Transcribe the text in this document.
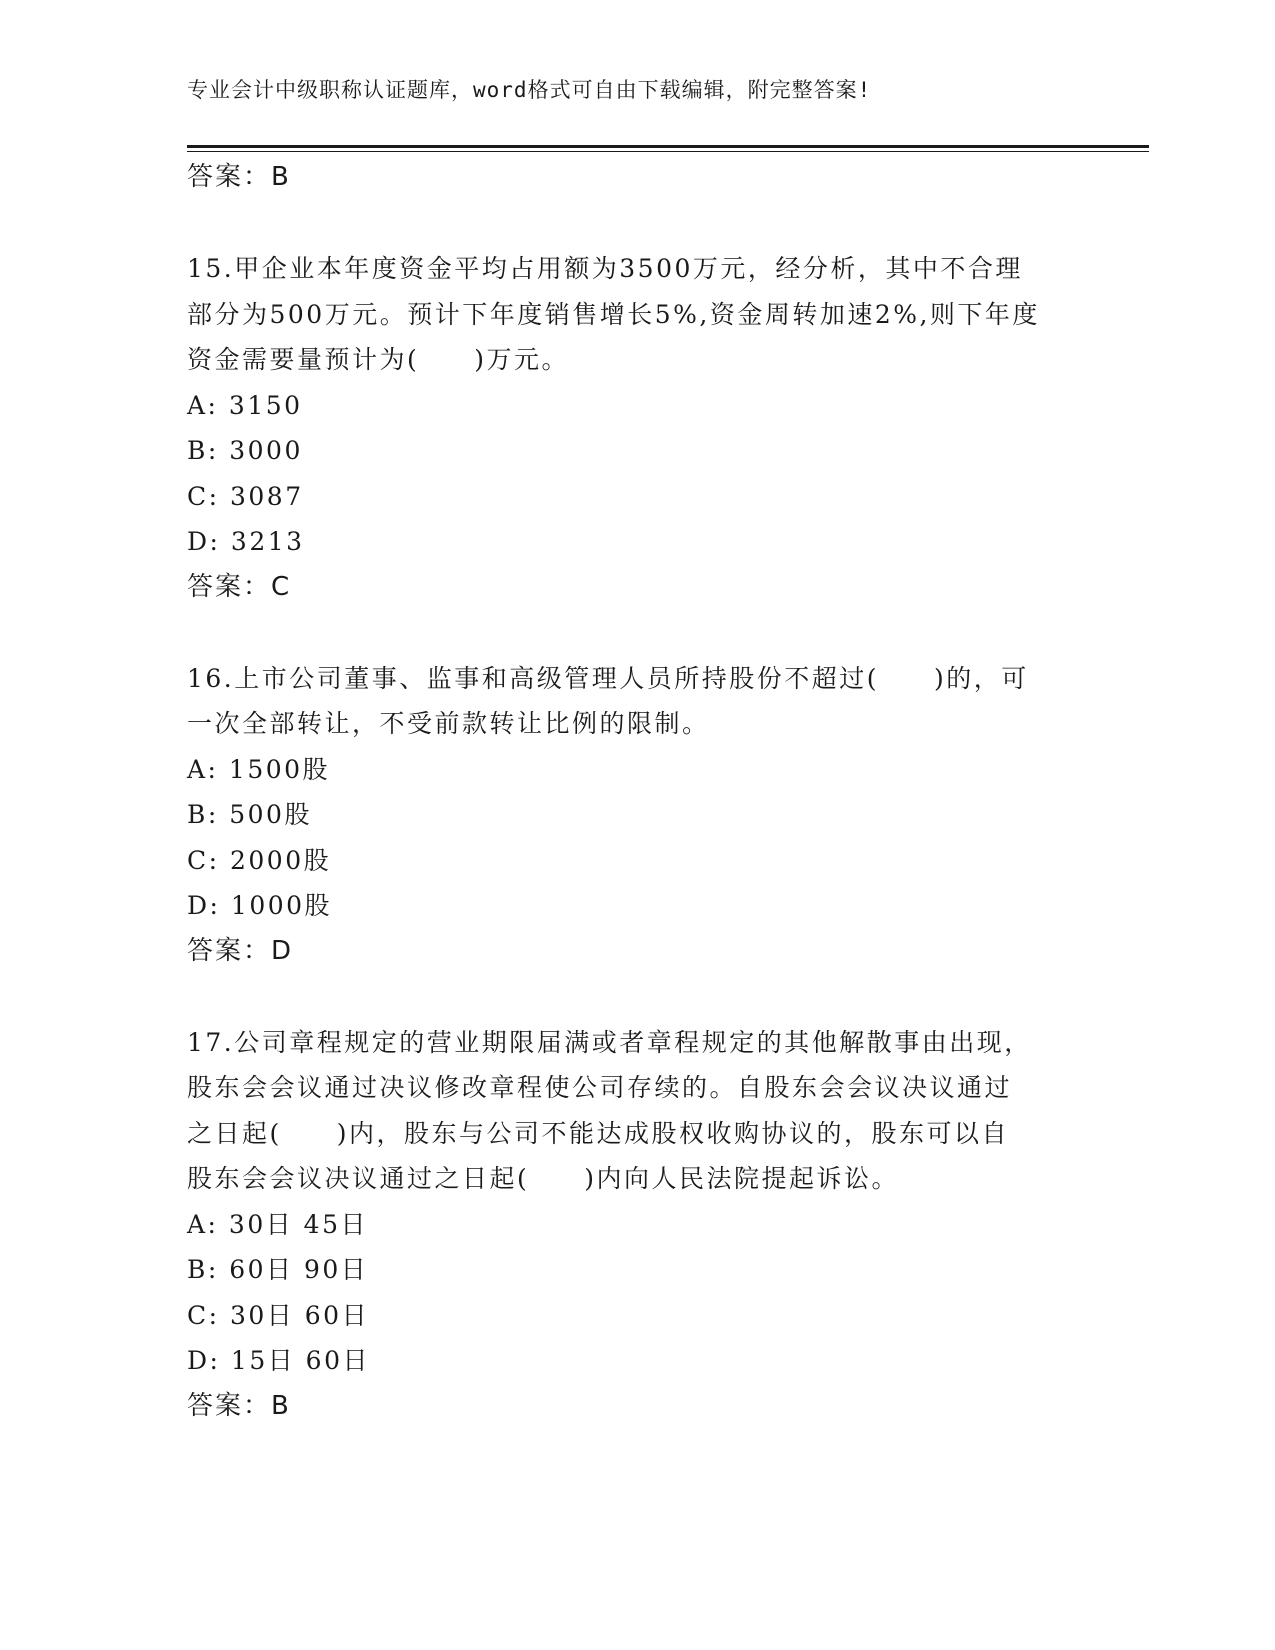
专业会计中级职称认证题库，word格式可自由下载编辑，附完整答案!
答案：B
15.甲企业本年度资金平均占用额为3500万元，经分析，其中不合理
部分为500万元。预计下年度销售增长5%,资金周转加速2%,则下年度
资金需要量预计为(　　)万元。
A: 3150
B: 3000
C: 3087
D: 3213
答案：C
16.上市公司董事、监事和高级管理人员所持股份不超过(　　)的，可
一次全部转让，不受前款转让比例的限制。
A: 1500股
B: 500股
C: 2000股
D: 1000股
答案：D
17.公司章程规定的营业期限届满或者章程规定的其他解散事由出现，
股东会会议通过决议修改章程使公司存续的。自股东会会议决议通过
之日起(　　)内，股东与公司不能达成股权收购协议的，股东可以自
股东会会议决议通过之日起(　　)内向人民法院提起诉讼。
A: 30日 45日
B: 60日 90日
C: 30日 60日
D: 15日 60日
答案：B
